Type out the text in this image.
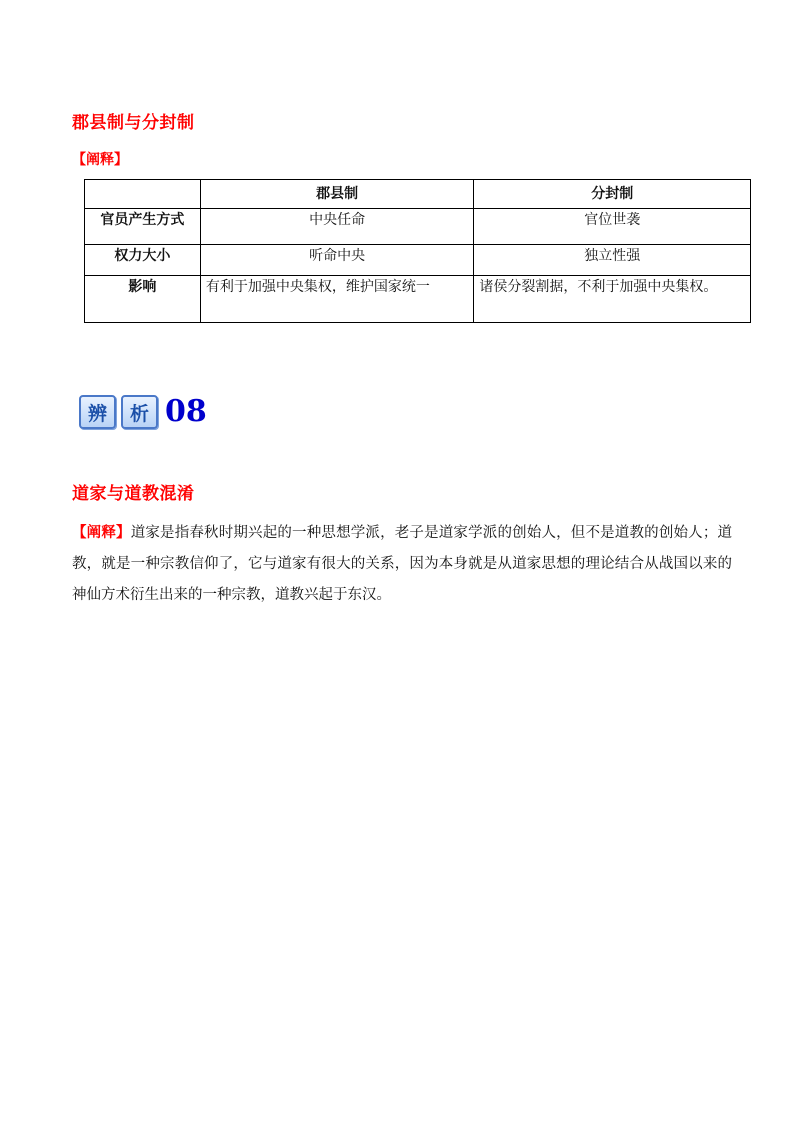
郡县制与分封制
【阐释】
	郡县制	分封制
官员产生方式	中央任命	官位世袭
权力大小	听命中央	独立性强
影响	有利于加强中央集权，维护国家统一	诸侯分裂割据，不利于加强中央集权。
辨	析 08
道家与道教混淆

【阐释】道家是指春秋时期兴起的一种思想学派，老子是道家学派的创始人，但不是道教的创始人；道教，就是一种宗教信仰了，它与道家有很大的关系，因为本身就是从道家思想的理论结合从战国以来的神仙方术衍生出来的一种宗教，道教兴起于东汉。
